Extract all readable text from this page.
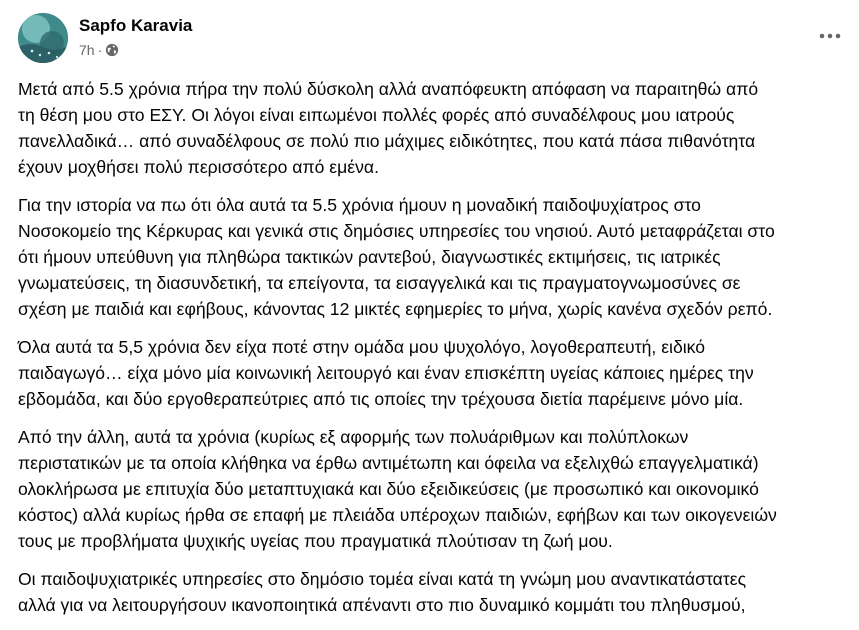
Sapfo Karavia
7h ·

Μετά από 5.5 χρόνια πήρα την πολύ δύσκολη αλλά αναπόφευκτη απόφαση να παραιτηθώ από
τη θέση μου στο ΕΣΥ. Οι λόγοι είναι ειπωμένοι πολλές φορές από συναδέλφους μου ιατρούς
πανελλαδικά… από συναδέλφους σε πολύ πιο μάχιμες ειδικότητες, που κατά πάσα πιθανότητα
έχουν μοχθήσει πολύ περισσότερο από εμένα.

Για την ιστορία να πω ότι όλα αυτά τα 5.5 χρόνια ήμουν η μοναδική παιδοψυχίατρος στο
Νοσοκομείο της Κέρκυρας και γενικά στις δημόσιες υπηρεσίες του νησιού. Αυτό μεταφράζεται στο
ότι ήμουν υπεύθυνη για πληθώρα τακτικών ραντεβού, διαγνωστικές εκτιμήσεις, τις ιατρικές
γνωματεύσεις, τη διασυνδετική, τα επείγοντα, τα εισαγγελικά και τις πραγματογνωμοσύνες σε
σχέση με παιδιά και εφήβους, κάνοντας 12 μικτές εφημερίες το μήνα, χωρίς κανένα σχεδόν ρεπό.

Όλα αυτά τα 5,5 χρόνια δεν είχα ποτέ στην ομάδα μου ψυχολόγο, λογοθεραπευτή, ειδικό
παιδαγωγό… είχα μόνο μία κοινωνική λειτουργό και έναν επισκέπτη υγείας κάποιες ημέρες την
εβδομάδα, και δύο εργοθεραπεύτριες από τις οποίες την τρέχουσα διετία παρέμεινε μόνο μία.

Από την άλλη, αυτά τα χρόνια (κυρίως εξ αφορμής των πολυάριθμων και πολύπλοκων
περιστατικών με τα οποία κλήθηκα να έρθω αντιμέτωπη και όφειλα να εξελιχθώ επαγγελματικά)
ολοκλήρωσα με επιτυχία δύο μεταπτυχιακά και δύο εξειδικεύσεις (με προσωπικό και οικονομικό
κόστος) αλλά κυρίως ήρθα σε επαφή με πλειάδα υπέροχων παιδιών, εφήβων και των οικογενειών
τους με προβλήματα ψυχικής υγείας που πραγματικά πλούτισαν τη ζωή μου.

Οι παιδοψυχιατρικές υπηρεσίες στο δημόσιο τομέα είναι κατά τη γνώμη μου αναντικατάστατες
αλλά για να λειτουργήσουν ικανοποιητικά απέναντι στο πιο δυναμικό κομμάτι του πληθυσμού,
